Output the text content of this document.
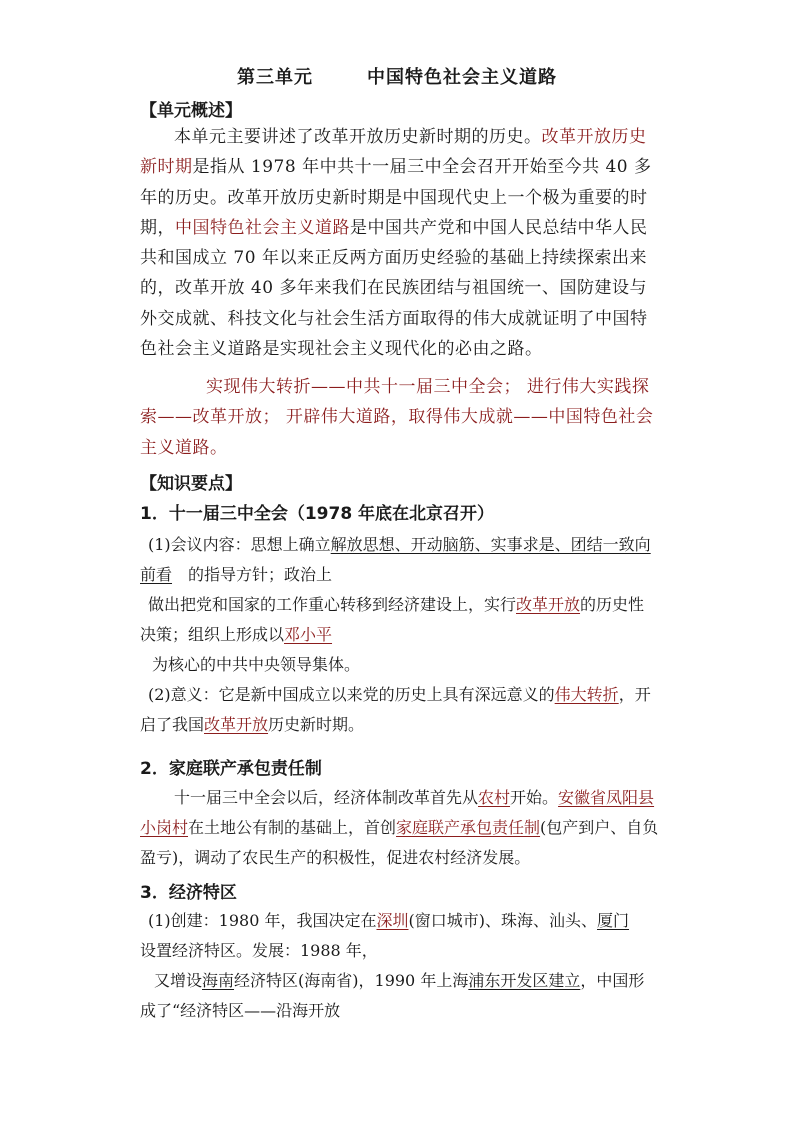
第三单元	中国特色社会主义道路
【单元概述】

本单元主要讲述了改革开放历史新时期的历史。改革开放历史新时期是指从 1978 年中共十一届三中全会召开开始至今共 40 多年的历史。改革开放历史新时期是中国现代史上一个极为重要的时期，中国特色社会主义道路是中国共产党和中国人民总结中华人民共和国成立 70 年以来正反两方面历史经验的基础上持续探索出来的，改革开放 40 多年来我们在民族团结与祖国统一、国防建设与外交成就、科技文化与社会生活方面取得的伟大成就证明了中国特色社会主义道路是实现社会主义现代化的必由之路。

实现伟大转折——中共十一届三中全会； 进行伟大实践探索——改革开放； 开辟伟大道路，取得伟大成就——中国特色社会主义道路。

【知识要点】
1．十一届三中全会（1978 年底在北京召开）

(1)会议内容：思想上确立解放思想、开动脑筋、实事求是、团结一致向前看　的指导方针；政治上

做出把党和国家的工作重心转移到经济建设上，实行改革开放的历史性决策；组织上形成以邓小平

为核心的中共中央领导集体。

(2)意义：它是新中国成立以来党的历史上具有深远意义的伟大转折，开启了我国改革开放历史新时期。

2．家庭联产承包责任制

十一届三中全会以后，经济体制改革首先从农村开始。安徽省凤阳县小岗村在土地公有制的基础上，首创家庭联产承包责任制(包产到户、自负盈亏)，调动了农民生产的积极性，促进农村经济发展。

3．经济特区

(1)创建：1980 年，我国决定在深圳(窗口城市)、珠海、汕头、厦门　设置经济特区。发展：1988 年，

又增设海南经济特区(海南省)，1990 年上海浦东开发区建立，中国形成了“经济特区——沿海开放
